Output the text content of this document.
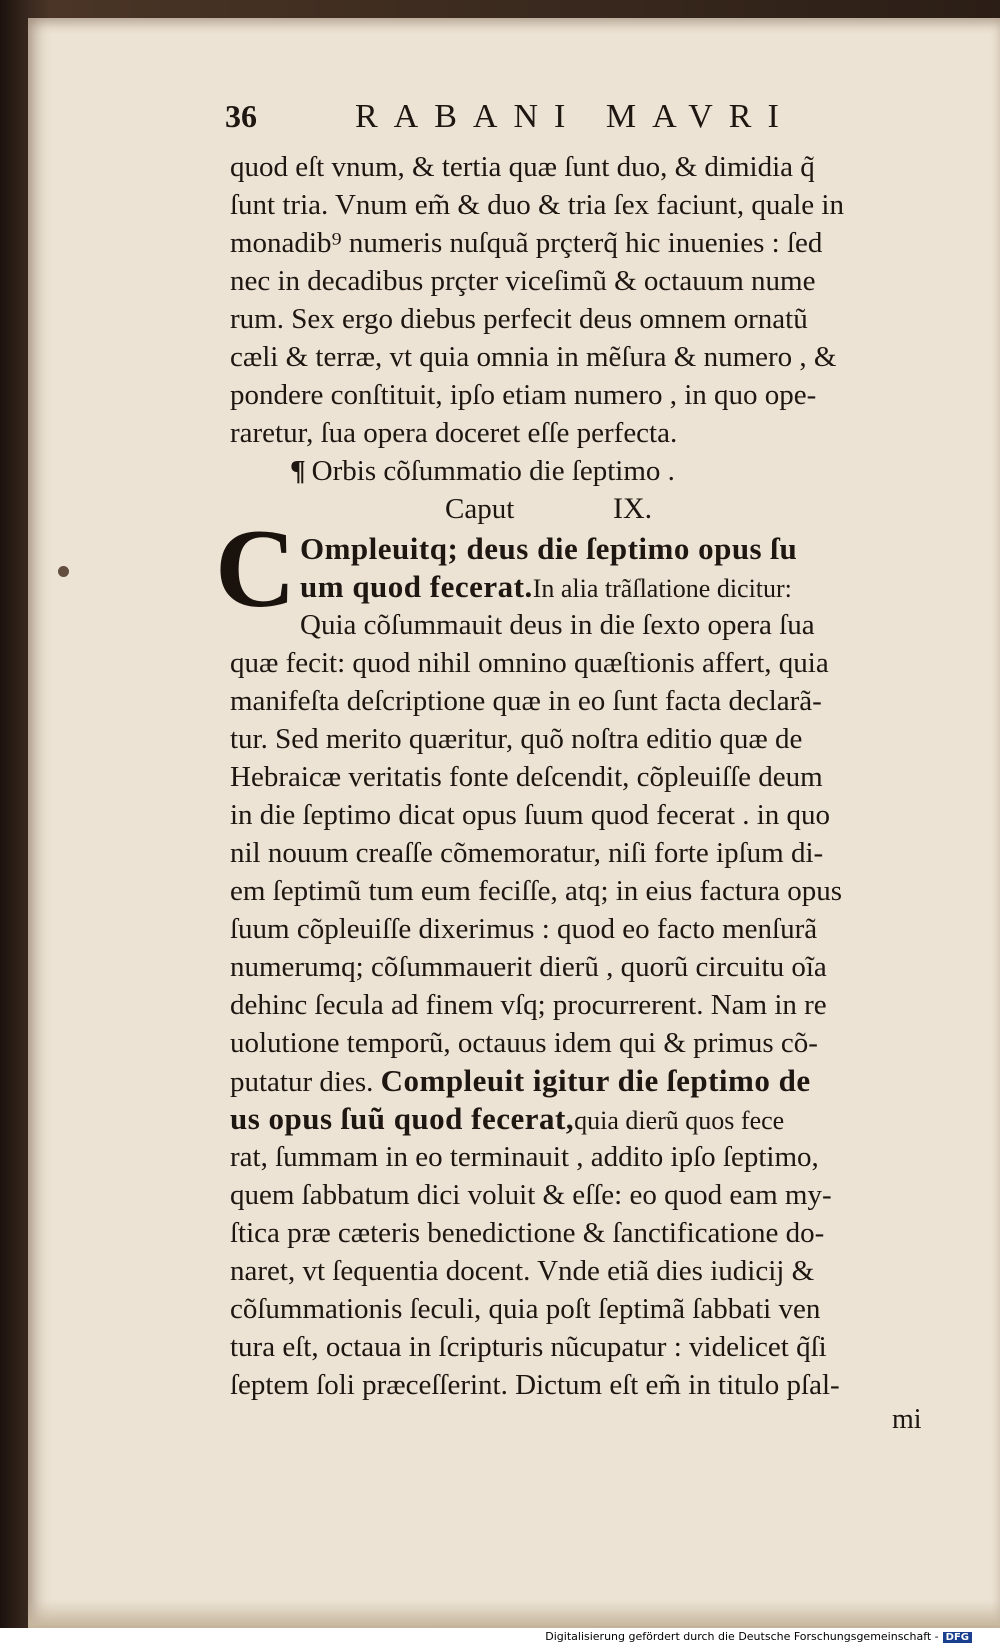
36	RABANI MAVRI
quod eſt vnum, & tertia quæ ſunt duo, & dimidia q̃
ſunt tria. Vnum em̃ & duo & tria ſex faciunt, quale in
monadib⁹ numeris nuſquã prçterq̃ hic inuenies : ſed
nec in decadibus prçter viceſimũ & octauum nume
rum. Sex ergo diebus perfecit deus omnem ornatũ
cæli & terræ, vt quia omnia in mẽſura & numero , &
pondere conſtituit, ipſo etiam numero , in quo ope-
raretur, ſua opera doceret eſſe perfecta.
¶ Orbis cõſummatio die ſeptimo .
Caput	IX.
C Ompleuitq; deus die ſeptimo opus ſu
um quod fecerat.In alia trãſlatione dicitur:
Quia cõſummauit deus in die ſexto opera ſua
quæ fecit: quod nihil omnino quæſtionis affert, quia
manifeſta deſcriptione quæ in eo ſunt facta declarã-
tur. Sed merito quæritur, quõ noſtra editio quæ de
Hebraicæ veritatis fonte deſcendit, cõpleuiſſe deum
in die ſeptimo dicat opus ſuum quod fecerat . in quo
nil nouum creaſſe cõmemoratur, niſi forte ipſum di-
em ſeptimũ tum eum feciſſe, atq; in eius factura opus
ſuum cõpleuiſſe dixerimus : quod eo facto menſurã
numerumq; cõſummauerit dierũ , quorũ circuitu oĩa
dehinc ſecula ad finem vſq; procurrerent. Nam in re
uolutione temporũ, octauus idem qui & primus cõ-
putatur dies. Compleuit igitur die ſeptimo de
us opus ſuũ quod fecerat,quia dierũ quos fece
rat, ſummam in eo terminauit , addito ipſo ſeptimo,
quem ſabbatum dici voluit & eſſe: eo quod eam my-
ſtica præ cæteris benedictione & ſanctificatione do-
naret, vt ſequentia docent. Vnde etiã dies iudicij &
cõſummationis ſeculi, quia poſt ſeptimã ſabbati ven
tura eſt, octaua in ſcripturis nũcupatur : videlicet q̃ſi
ſeptem ſoli præceſſerint. Dictum eſt em̃ in titulo pſal-
mi
Digitalisierung gefördert durch die Deutsche Forschungsgemeinschaft - DFG
